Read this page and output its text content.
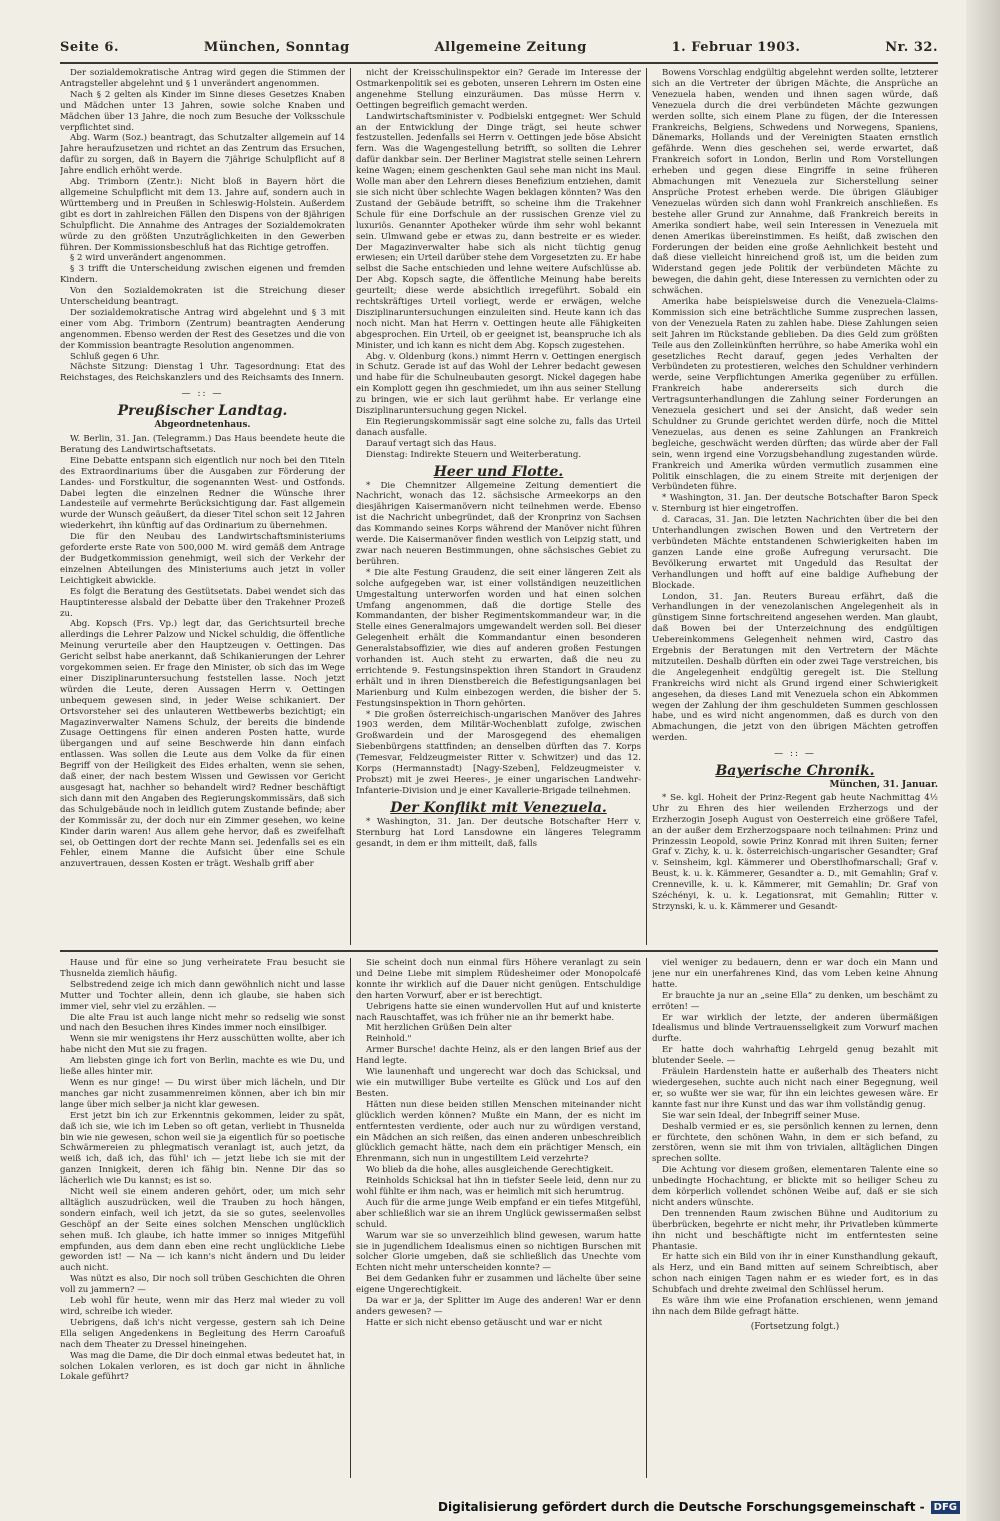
Seite 6.	München, Sonntag	Allgemeine Zeitung	1. Februar 1903.	Nr. 32.

Der sozialdemokratische Antrag wird gegen die Stimmen der Antragsteller abgelehnt und § 1 unverändert angenommen.

Nach § 2 gelten als Kinder im Sinne dieses Gesetzes Knaben und Mädchen unter 13 Jahren, sowie solche Knaben und Mädchen über 13 Jahre, die noch zum Besuche der Volksschule verpflichtet sind.

Abg. Warm (Soz.) beantragt, das Schutzalter allgemein auf 14 Jahre heraufzusetzen und richtet an das Zentrum das Ersuchen, dafür zu sorgen, daß in Bayern die 7jährige Schulpflicht auf 8 Jahre endlich erhöht werde.

Abg. Trimborn (Zentr.): Nicht bloß in Bayern hört die allgemeine Schulpflicht mit dem 13. Jahre auf, sondern auch in Württemberg und in Preußen in Schleswig-Holstein. Außerdem gibt es dort in zahlreichen Fällen den Dispens von der 8jährigen Schulpflicht. Die Annahme des Antrages der Sozialdemokraten würde zu den größten Unzuträglichkeiten in den Gewerben führen. Der Kommissionsbeschluß hat das Richtige getroffen.

§ 2 wird unverändert angenommen.

§ 3 trifft die Unterscheidung zwischen eigenen und fremden Kindern.

Von den Sozialdemokraten ist die Streichung dieser Unterscheidung beantragt.

Der sozialdemokratische Antrag wird abgelehnt und § 3 mit einer vom Abg. Trimborn (Zentrum) beantragten Aenderung angenommen. Ebenso werden der Rest des Gesetzes und die von der Kommission beantragte Resolution angenommen.

Schluß gegen 6 Uhr.

Nächste Sitzung: Dienstag 1 Uhr. Tagesordnung: Etat des Reichstages, des Reichskanzlers und des Reichsamts des Innern.

— :: —
Preußischer Landtag.
Abgeordnetenhaus.

W. Berlin, 31. Jan. (Telegramm.) Das Haus beendete heute die Beratung des Landwirtschaftsetats.

Eine Debatte entspann sich eigentlich nur noch bei den Titeln des Extraordinariums über die Ausgaben zur Förderung der Landes- und Forstkultur, die sogenannten West- und Ostfonds. Dabei legten die einzelnen Redner die Wünsche ihrer Landesteile auf vermehrte Berücksichtigung dar. Fast allgemein wurde der Wunsch geäußert, da dieser Titel schon seit 12 Jahren wiederkehrt, ihn künftig auf das Ordinarium zu übernehmen.

Die für den Neubau des Landwirtschaftsministeriums geforderte erste Rate von 500,000 M. wird gemäß dem Antrage der Budgetkommission genehmigt, weil sich der Verkehr der einzelnen Abteilungen des Ministeriums auch jetzt in voller Leichtigkeit abwickle.

Es folgt die Beratung des Gestütsetats. Dabei wendet sich das Hauptinteresse alsbald der Debatte über den Trakehner Prozeß zu.

Abg. Kopsch (Frs. Vp.) legt dar, das Gerichtsurteil breche allerdings die Lehrer Palzow und Nickel schuldig, die öffentliche Meinung verurteile aber den Hauptzeugen v. Oettingen. Das Gericht selbst habe anerkannt, daß Schikanierungen der Lehrer vorgekommen seien. Er frage den Minister, ob sich das im Wege einer Disziplinaruntersuchung feststellen lasse. Noch jetzt würden die Leute, deren Aussagen Herrn v. Oettingen unbequem gewesen sind, in jeder Weise schikaniert. Der Ortsvorsteher sei des unlauteren Wettbewerbs bezichtigt; ein Magazinverwalter Namens Schulz, der bereits die bindende Zusage Oettingens für einen anderen Posten hatte, wurde übergangen und auf seine Beschwerde hin dann einfach entlassen. Was sollen die Leute aus dem Volke da für einen Begriff von der Heiligkeit des Eides erhalten, wenn sie sehen, daß einer, der nach bestem Wissen und Gewissen vor Gericht ausgesagt hat, nachher so behandelt wird? Redner beschäftigt sich dann mit den Angaben des Regierungskommissärs, daß sich das Schulgebäude noch in leidlich gutem Zustande befinde; aber der Kommissär zu, der doch nur ein Zimmer gesehen, wo keine Kinder darin waren! Aus allem gehe hervor, daß es zweifelhaft sei, ob Oettingen dort der rechte Mann sei. Jedenfalls sei es ein Fehler, einem Manne die Aufsicht über eine Schule anzuvertrauen, dessen Kosten er trägt. Weshalb griff aber

nicht der Kreisschulinspektor ein? Gerade im Interesse der Ostmarkenpolitik sei es geboten, unseren Lehrern im Osten eine angenehme Stellung einzuräumen. Das müsse Herrn v. Oettingen begreiflich gemacht werden.

Landwirtschaftsminister v. Podbielski entgegnet: Wer Schuld an der Entwicklung der Dinge trägt, sei heute schwer festzustellen. Jedenfalls sei Herrn v. Oettingen jede böse Absicht fern. Was die Wagengestellung betrifft, so sollten die Lehrer dafür dankbar sein. Der Berliner Magistrat stelle seinen Lehrern keine Wagen; einem geschenkten Gaul sehe man nicht ins Maul. Wolle man aber den Lehrern dieses Benefizium entziehen, damit sie sich nicht über schlechte Wagen beklagen könnten? Was den Zustand der Gebäude betrifft, so scheine ihm die Trakehner Schule für eine Dorfschule an der russischen Grenze viel zu luxuriös. Genannter Apotheker würde ihm sehr wohl bekannt sein. Ulmwand gebe er etwas zu, dann bestreite er es wieder. Der Magazinverwalter habe sich als nicht tüchtig genug erwiesen; ein Urteil darüber stehe dem Vorgesetzten zu. Er habe selbst die Sache entschieden und lehne weitere Aufschlüsse ab. Der Abg. Kopsch sagte, die öffentliche Meinung habe bereits geurteilt; diese werde absichtlich irregeführt. Sobald ein rechtskräftiges Urteil vorliegt, werde er erwägen, welche Disziplinaruntersuchungen einzuleiten sind. Heute kann ich das noch nicht. Man hat Herrn v. Oettingen heute alle Fähigkeiten abgesprochen. Ein Urteil, ob er geeignet ist, beanspruche ich als Minister, und ich kann es nicht dem Abg. Kopsch zugestehen.

Abg. v. Oldenburg (kons.) nimmt Herrn v. Oettingen energisch in Schutz. Gerade ist auf das Wohl der Lehrer bedacht gewesen und habe für die Schulneubauten gesorgt. Nickel dagegen habe ein Komplott gegen ihn geschmiedet, um ihn aus seiner Stellung zu bringen, wie er sich laut gerühmt habe. Er verlange eine Disziplinaruntersuchung gegen Nickel.

Ein Regierungskommissär sagt eine solche zu, falls das Urteil danach ausfalle.

Darauf vertagt sich das Haus.

Dienstag: Indirekte Steuern und Weiterberatung.

Heer und Flotte.

* Die Chemnitzer Allgemeine Zeitung dementiert die Nachricht, wonach das 12. sächsische Armeekorps an den diesjährigen Kaisermanövern nicht teilnehmen werde. Ebenso ist die Nachricht unbegründet, daß der Kronprinz von Sachsen das Kommando seines Korps während der Manöver nicht führen werde. Die Kaisermanöver finden westlich von Leipzig statt, und zwar nach neueren Bestimmungen, ohne sächsisches Gebiet zu berühren.

* Die alte Festung Graudenz, die seit einer längeren Zeit als solche aufgegeben war, ist einer vollständigen neuzeitlichen Umgestaltung unterworfen worden und hat einen solchen Umfang angenommen, daß die dortige Stelle des Kommandanten, der bisher Regimentskommandeur war, in die Stelle eines Generalmajors umgewandelt werden soll. Bei dieser Gelegenheit erhält die Kommandantur einen besonderen Generalstabsoffizier, wie dies auf anderen großen Festungen vorhanden ist. Auch steht zu erwarten, daß die neu zu errichtende 9. Festungsinspektion ihren Standort in Graudenz erhält und in ihren Dienstbereich die Befestigungsanlagen bei Marienburg und Kulm einbezogen werden, die bisher der 5. Festungsinspektion in Thorn gehörten.

* Die großen österreichisch-ungarischen Manöver des Jahres 1903 werden, dem Militär-Wochenblatt zufolge, zwischen Großwardein und der Marosgegend des ehemaligen Siebenbürgens stattfinden; an denselben dürften das 7. Korps (Temesvar, Feldzeugmeister Ritter v. Schwitzer) und das 12. Korps (Hermannstadt) [Nagy-Szeben], Feldzeugmeister v. Probszt) mit je zwei Heeres-, je einer ungarischen Landwehr-Infanterie-Division und je einer Kavallerie-Brigade teilnehmen.

Der Konflikt mit Venezuela.

* Washington, 31. Jan. Der deutsche Botschafter Herr v. Sternburg hat Lord Lansdowne ein längeres Telegramm gesandt, in dem er ihm mitteilt, daß, falls

Bowens Vorschlag endgültig abgelehnt werden sollte, letzterer sich an die Vertreter der übrigen Mächte, die Ansprüche an Venezuela haben, wenden und ihnen sagen würde, daß Venezuela durch die drei verbündeten Mächte gezwungen werden sollte, sich einem Plane zu fügen, der die Interessen Frankreichs, Belgiens, Schwedens und Norwegens, Spaniens, Dänemarks, Hollands und der Vereinigten Staaten ernstlich gefährde. Wenn dies geschehen sei, werde erwartet, daß Frankreich sofort in London, Berlin und Rom Vorstellungen erheben und gegen diese Eingriffe in seine früheren Abmachungen mit Venezuela zur Sicherstellung seiner Ansprüche Protest erheben werde. Die übrigen Gläubiger Venezuelas würden sich dann wohl Frankreich anschließen. Es bestehe aller Grund zur Annahme, daß Frankreich bereits in Amerika sondiert habe, weil sein Interessen in Venezuela mit denen Amerikas übereinstimmen. Es heißt, daß zwischen den Forderungen der beiden eine große Aehnlichkeit besteht und daß diese vielleicht hinreichend groß ist, um die beiden zum Widerstand gegen jede Politik der verbündeten Mächte zu bewegen, die dahin geht, diese Interessen zu vernichten oder zu schwächen.

Amerika habe beispielsweise durch die Venezuela-Claims-Kommission sich eine beträchtliche Summe zusprechen lassen, von der Venezuela Raten zu zahlen habe. Diese Zahlungen seien seit Jahren im Rückstande geblieben. Da dies Geld zum größten Teile aus den Zolleinkünften herrühre, so habe Amerika wohl ein gesetzliches Recht darauf, gegen jedes Verhalten der Verbündeten zu protestieren, welches den Schuldner verhindern werde, seine Verpflichtungen Amerika gegenüber zu erfüllen. Frankreich habe andererseits sich durch die Vertragsunterhandlungen die Zahlung seiner Forderungen an Venezuela gesichert und sei der Ansicht, daß weder sein Schuldner zu Grunde gerichtet werden dürfe, noch die Mittel Venezuelas, aus denen es seine Zahlungen an Frankreich begleiche, geschwächt werden dürften; das würde aber der Fall sein, wenn irgend eine Vorzugsbehandlung zugestanden würde. Frankreich und Amerika würden vermutlich zusammen eine Politik einschlagen, die zu einem Streite mit derjenigen der Verbündeten führe.

* Washington, 31. Jan. Der deutsche Botschafter Baron Speck v. Sternburg ist hier eingetroffen.

d. Caracas, 31. Jan. Die letzten Nachrichten über die bei den Unterhandlungen zwischen Bowen und den Vertretern der verbündeten Mächte entstandenen Schwierigkeiten haben im ganzen Lande eine große Aufregung verursacht. Die Bevölkerung erwartet mit Ungeduld das Resultat der Verhandlungen und hofft auf eine baldige Aufhebung der Blockade.

London, 31. Jan. Reuters Bureau erfährt, daß die Verhandlungen in der venezolanischen Angelegenheit als in günstigem Sinne fortschreitend angesehen werden. Man glaubt, daß Bowen bei der Unterzeichnung des endgültigen Uebereinkommens Gelegenheit nehmen wird, Castro das Ergebnis der Beratungen mit den Vertretern der Mächte mitzuteilen. Deshalb dürften ein oder zwei Tage verstreichen, bis die Angelegenheit endgültig geregelt ist. Die Stellung Frankreichs wird nicht als Grund irgend einer Schwierigkeit angesehen, da dieses Land mit Venezuela schon ein Abkommen wegen der Zahlung der ihm geschuldeten Summen geschlossen habe, und es wird nicht angenommen, daß es durch von den Abmachungen, die jetzt von den übrigen Mächten getroffen werden.

— :: —
Bayerische Chronik.
München, 31. Januar.

* Se. kgl. Hoheit der Prinz-Regent gab heute Nachmittag 4½ Uhr zu Ehren des hier weilenden Erzherzogs und der Erzherzogin Joseph August von Oesterreich eine größere Tafel, an der außer dem Erzherzogspaare noch teilnahmen: Prinz und Prinzessin Leopold, sowie Prinz Konrad mit ihren Suiten; ferner Graf v. Zichy, k. u. k. österreichisch-ungarischer Gesandter; Graf v. Seinsheim, kgl. Kämmerer und Oberstlhofmarschall; Graf v. Beust, k. u. k. Kämmerer, Gesandter a. D., mit Gemahlin; Graf v. Crenneville, k. u. k. Kämmerer, mit Gemahlin; Dr. Graf von Széchényi, k. u. k. Legationsrat, mit Gemahlin; Ritter v. Strzynski, k. u. k. Kämmerer und Gesandt-

Hause und für eine so jung verheiratete Frau besucht sie Thusnelda ziemlich häufig.

Selbstredend zeige ich mich dann gewöhnlich nicht und lasse Mutter und Tochter allein, denn ich glaube, sie haben sich immer viel, sehr viel zu erzählen. —

Die alte Frau ist auch lange nicht mehr so redselig wie sonst und nach den Besuchen ihres Kindes immer noch einsilbiger.

Wenn sie mir wenigstens ihr Herz ausschütten wollte, aber ich habe nicht den Mut sie zu fragen.

Am liebsten ginge ich fort von Berlin, machte es wie Du, und ließe alles hinter mir.

Wenn es nur ginge! — Du wirst über mich lächeln, und Dir manches gar nicht zusammenreimen können, aber ich bin mir lange über mich selber ja nicht klar gewesen.

Erst jetzt bin ich zur Erkenntnis gekommen, leider zu spät, daß ich sie, wie ich im Leben so oft getan, verliebt in Thusnelda bin wie nie gewesen, schon weil sie ja eigentlich für so poetische Schwärmereien zu phlegmatisch veranlagt ist, auch jetzt, da weiß ich, daß ich, das fühl' ich — jetzt liebe ich sie mit der ganzen Innigkeit, deren ich fähig bin. Nenne Dir das so lächerlich wie Du kannst; es ist so.

Nicht weil sie einem anderen gehört, oder, um mich sehr alltäglich auszudrücken, weil die Trauben zu hoch hängen, sondern einfach, weil ich jetzt, da sie so gutes, seelenvolles Geschöpf an der Seite eines solchen Menschen unglücklich sehen muß. Ich glaube, ich hatte immer so inniges Mitgefühl empfunden, aus dem dann eben eine recht unglückliche Liebe geworden ist! — Na — ich kann's nicht ändern und Du leider auch nicht.

Was nützt es also, Dir noch soll trüben Geschichten die Ohren voll zu jammern? —

Leb wohl für heute, wenn mir das Herz mal wieder zu voll wird, schreibe ich wieder.

Uebrigens, daß ich's nicht vergesse, gestern sah ich Deine Ella seligen Angedenkens in Begleitung des Herrn Caroafuß nach dem Theater zu Dressel hineingehen.

Was mag die Dame, die Dir doch einmal etwas bedeutet hat, in solchen Lokalen verloren, es ist doch gar nicht in ähnliche Lokale geführt?

Sie scheint doch nun einmal fürs Höhere veranlagt zu sein und Deine Liebe mit simplem Rüdesheimer oder Monopolcafé konnte ihr wirklich auf die Dauer nicht genügen. Entschuldige den harten Vorwurf, aber er ist berechtigt.

Uebrigens hatte sie einen wundervollen Hut auf und knisterte nach Rauschtaffet, was ich früher nie an ihr bemerkt habe.

Mit herzlichen Grüßen Dein alter

Reinhold."

Armer Bursche! dachte Heinz, als er den langen Brief aus der Hand legte.

Wie launenhaft und ungerecht war doch das Schicksal, und wie ein mutwilliger Bube verteilte es Glück und Los auf den Besten.

Hätten nun diese beiden stillen Menschen miteinander nicht glücklich werden können? Mußte ein Mann, der es nicht im entferntesten verdiente, oder auch nur zu würdigen verstand, ein Mädchen an sich reißen, das einen anderen unbeschreiblich glücklich gemacht hätte, nach dem ein prächtiger Mensch, ein Ehrenmann, sich nun in ungestilltem Leid verzehrte?

Wo blieb da die hohe, alles ausgleichende Gerechtigkeit.

Reinholds Schicksal hat ihn in tiefster Seele leid, denn nur zu wohl fühlte er ihm nach, was er heimlich mit sich herumtrug.

Auch für die arme junge Weib empfand er ein tiefes Mitgefühl, aber schließlich war sie an ihrem Unglück gewissermaßen selbst schuld.

Warum war sie so unverzeihlich blind gewesen, warum hatte sie in jugendlichem Idealismus einen so nichtigen Burschen mit solcher Glorie umgeben, daß sie schließlich das Unechte vom Echten nicht mehr unterscheiden konnte? —

Bei dem Gedanken fuhr er zusammen und lächelte über seine eigene Ungerechtigkeit.

Da war er ja, der Splitter im Auge des anderen! War er denn anders gewesen? —

Hatte er sich nicht ebenso getäuscht und war er nicht

viel weniger zu bedauern, denn er war doch ein Mann und jene nur ein unerfahrenes Kind, das vom Leben keine Ahnung hatte.

Er brauchte ja nur an „seine Ella“ zu denken, um beschämt zu erröten! —

Er war wirklich der letzte, der anderen übermäßigen Idealismus und blinde Vertrauensseligkeit zum Vorwurf machen durfte.

Er hatte doch wahrhaftig Lehrgeld genug bezahlt mit blutender Seele. —

Fräulein Hardenstein hatte er außerhalb des Theaters nicht wiedergesehen, suchte auch nicht nach einer Begegnung, weil er, so wußte wer sie war, für ihn ein leichtes gewesen wäre. Er kannte fast nur ihre Kunst und das war ihm vollständig genug.

Sie war sein Ideal, der Inbegriff seiner Muse.

Deshalb vermied er es, sie persönlich kennen zu lernen, denn er fürchtete, den schönen Wahn, in dem er sich befand, zu zerstören, wenn sie mit ihm von trivialen, alltäglichen Dingen sprechen sollte.

Die Achtung vor diesem großen, elementaren Talente eine so unbedingte Hochachtung, er blickte mit so heiliger Scheu zu dem körperlich vollendet schönen Weibe auf, daß er sie sich nicht anders wünschte.

Den trennenden Raum zwischen Bühne und Auditorium zu überbrücken, begehrte er nicht mehr, ihr Privatleben kümmerte ihn nicht und beschäftigte nicht im entferntesten seine Phantasie.

Er hatte sich ein Bild von ihr in einer Kunsthandlung gekauft, als Herz, und ein Band mitten auf seinem Schreibtisch, aber schon nach einigen Tagen nahm er es wieder fort, es in das Schubfach und drehte zweimal den Schlüssel herum.

Es wäre ihm wie eine Profanation erschienen, wenn jemand ihn nach dem Bilde gefragt hätte.

(Fortsetzung folgt.)
Digitalisierung gefördert durch die Deutsche Forschungsgemeinschaft - DFG
